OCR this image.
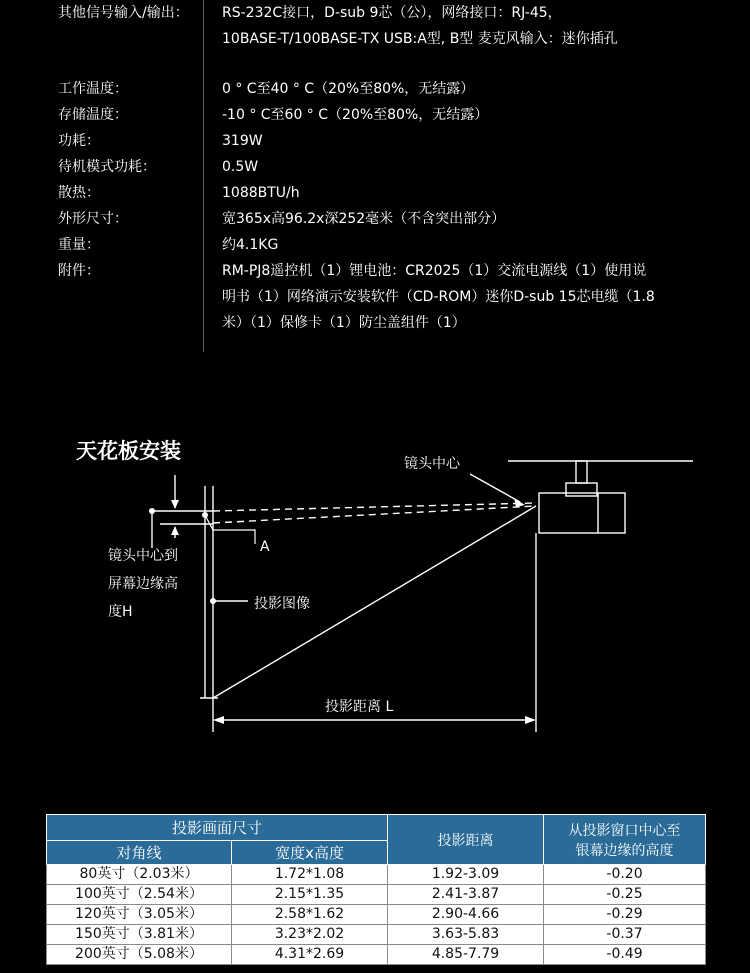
其他信号输入/输出： RS-232C接口，D-sub 9芯（公），网络接口：RJ-45，
10BASE-T/100BASE-TX USB:A型, B型 麦克风输入：迷你插孔
工作温度：	0 ° C至40 ° C（20%至80%，无结露）
存储温度：	-10 ° C至60 ° C（20%至80%，无结露）
功耗：	319W
待机模式功耗：	0.5W
散热：	1088BTU/h
外形尺寸：	宽365x高96.2x深252毫米（不含突出部分）
重量：	约4.1KG
附件：	RM-PJ8遥控机（1）锂电池：CR2025（1）交流电源线（1）使用说
明书（1）网络演示安装软件（CD-ROM）迷你D-sub 15芯电缆（1.8
米）（1）保修卡（1）防尘盖组件（1）
天花板安装
镜头中心
A
镜头中心到
屏幕边缘高
度H	投影图像
投影距离 L
投影画面尺寸		投影距离	从投影窗口中心至
银幕边缘的高度

对角线	宽度x高度		
80英寸（2.03米）	1.72*1.08	1.92-3.09	-0.20
100英寸（2.54米）	2.15*1.35	2.41-3.87	-0.25
120英寸（3.05米）	2.58*1.62	2.90-4.66	-0.29
150英寸（3.81米）	3.23*2.02	3.63-5.83	-0.37
200英寸（5.08米）	4.31*2.69	4.85-7.79	-0.49
